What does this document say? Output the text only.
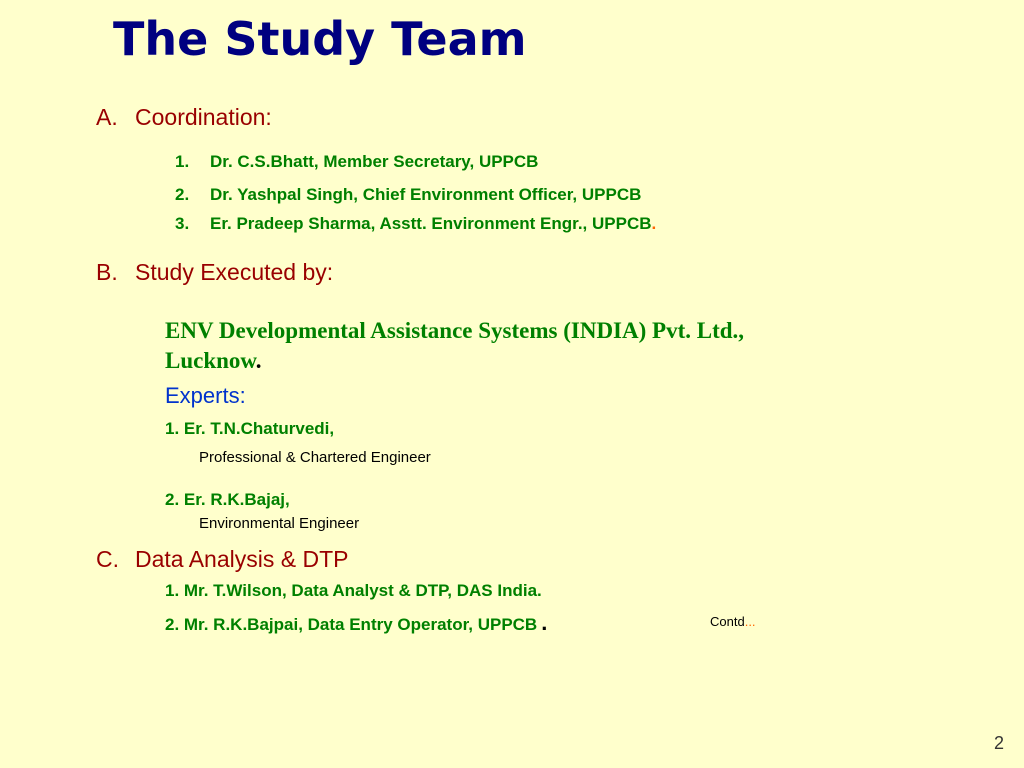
The Study Team
A. Coordination:
1. Dr. C.S.Bhatt, Member Secretary, UPPCB
2. Dr. Yashpal Singh, Chief Environment Officer, UPPCB
3. Er. Pradeep Sharma, Asstt. Environment Engr., UPPCB.
B. Study Executed by:
ENV Developmental Assistance Systems (INDIA) Pvt. Ltd., Lucknow.
Experts:
1. Er. T.N.Chaturvedi,
Professional & Chartered Engineer
2. Er. R.K.Bajaj,
Environmental Engineer
C. Data Analysis & DTP
1. Mr. T.Wilson, Data Analyst & DTP, DAS India.
2. Mr. R.K.Bajpai, Data Entry Operator, UPPCB .	Contd...
2
